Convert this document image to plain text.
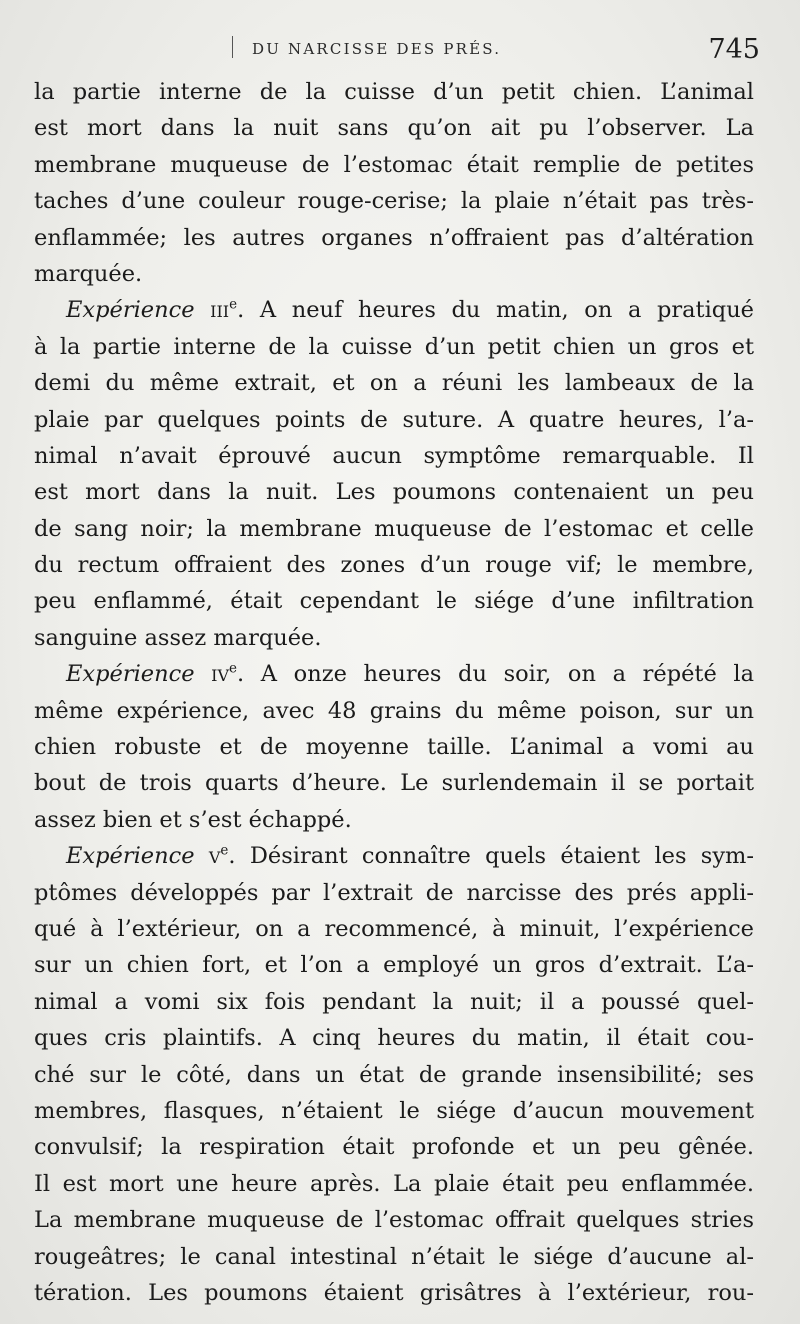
DU NARCISSE DES PRÉS.	745
la partie interne de la cuisse d’un petit chien. L’animal
est mort dans la nuit sans qu’on ait pu l’observer. La
membrane muqueuse de l’estomac était remplie de petites
taches d’une couleur rouge-cerise; la plaie n’était pas très-
enflammée; les autres organes n’offraient pas d’altération
marquée.
Expérience iii$^e$. A neuf heures du matin, on a pratiqué
à la partie interne de la cuisse d’un petit chien un gros et
demi du même extrait, et on a réuni les lambeaux de la
plaie par quelques points de suture. A quatre heures, l’a-
nimal n’avait éprouvé aucun symptôme remarquable. Il
est mort dans la nuit. Les poumons contenaient un peu
de sang noir; la membrane muqueuse de l’estomac et celle
du rectum offraient des zones d’un rouge vif; le membre,
peu enflammé, était cependant le siége d’une infiltration
sanguine assez marquée.
Expérience $iv^e$. A onze heures du soir, on a répété la
même expérience, avec 48 grains du même poison, sur un
chien robuste et de moyenne taille. L’animal a vomi au
bout de trois quarts d’heure. Le surlendemain il se portait
assez bien et s’est échappé.
Expérience $v^e$. Désirant connaître quels étaient les sym-
ptômes développés par l’extrait de narcisse des prés appli-
qué à l’extérieur, on a recommencé, à minuit, l’expérience
sur un chien fort, et l’on a employé un gros d’extrait. L’a-
nimal a vomi six fois pendant la nuit; il a poussé quel-
ques cris plaintifs. A cinq heures du matin, il était cou-
ché sur le côté, dans un état de grande insensibilité; ses
membres, flasques, n’étaient le siége d’aucun mouvement
convulsif; la respiration était profonde et un peu gênée.
Il est mort une heure après. La plaie était peu enflammée.
La membrane muqueuse de l’estomac offrait quelques stries
rougeâtres; le canal intestinal n’était le siége d’aucune al-
tération. Les poumons étaient grisâtres à l’extérieur, rou-
